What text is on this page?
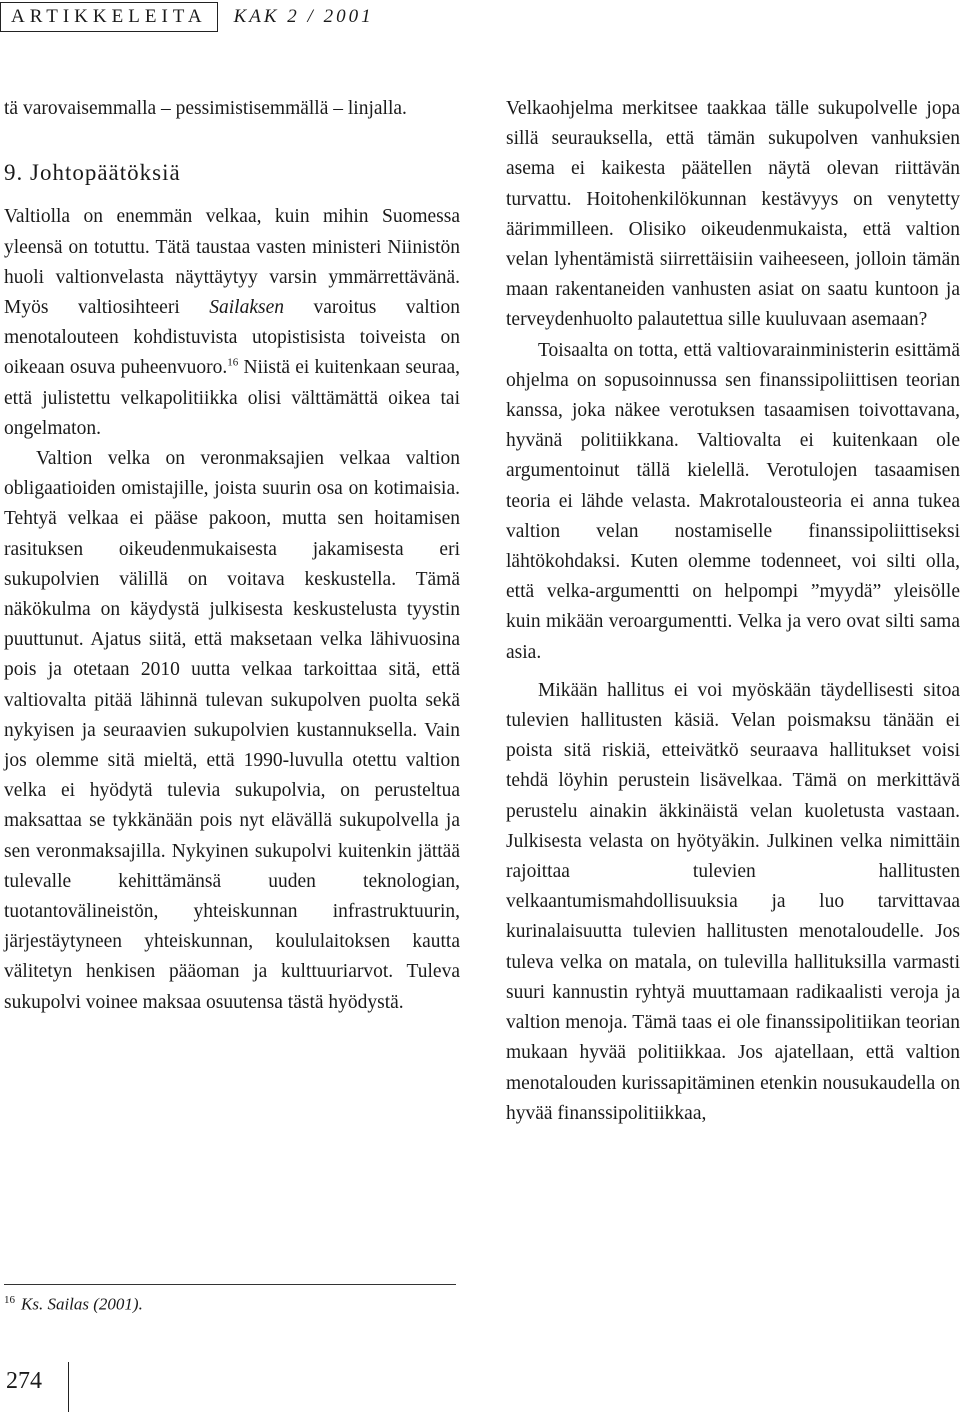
ARTIKKELEITA	KAK 2 / 2001

tä varovaisemmalla – pessimistisemmällä – linjalla.

9. Johtopäätöksiä

Valtiolla on enemmän velkaa, kuin mihin Suomessa yleensä on totuttu. Tätä taustaa vasten ministeri Niinistön huoli valtionvelasta näyttäytyy varsin ymmärrettävänä. Myös valtiosihteeri Sailaksen varoitus valtion menotalouteen kohdistuvista utopistisista toiveista on oikeaan osuva puheenvuoro.$^{16}$ Niistä ei kuitenkaan seuraa, että julistettu velkapolitiikka olisi välttämättä oikea tai ongelmaton.

Valtion velka on veronmaksajien velkaa valtion obligaatioiden omistajille, joista suurin osa on kotimaisia. Tehtyä velkaa ei pääse pakoon, mutta sen hoitamisen rasituksen oikeudenmukaisesta jakamisesta eri sukupolvien välillä on voitava keskustella. Tämä näkökulma on käydystä julkisesta keskustelusta tyystin puuttunut. Ajatus siitä, että maksetaan velka lähivuosina pois ja otetaan 2010 uutta velkaa tarkoittaa sitä, että valtiovalta pitää lähinnä tulevan sukupolven puolta sekä nykyisen ja seuraavien sukupolvien kustannuksella. Vain jos olemme sitä mieltä, että 1990-luvulla otettu valtion velka ei hyödytä tulevia sukupolvia, on perusteltua maksattaa se tykkänään pois nyt elävällä sukupolvella ja sen veronmaksajilla. Nykyinen sukupolvi kuitenkin jättää tulevalle kehittämänsä uuden teknologian, tuotantovälineistön, yhteiskunnan infrastruktuurin, järjestäytyneen yhteiskunnan, koululaitoksen kautta välitetyn henkisen pääoman ja kulttuuriarvot. Tuleva sukupolvi voinee maksaa osuutensa tästä hyödystä.

Velkaohjelma merkitsee taakkaa tälle sukupolvelle jopa sillä seurauksella, että tämän sukupolven vanhuksien asema ei kaikesta päätellen näytä olevan riittävän turvattu. Hoitohenkilökunnan kestävyys on venytetty äärimmilleen. Olisiko oikeudenmukaista, että valtion velan lyhentämistä siirrettäisiin vaiheeseen, jolloin tämän maan rakentaneiden vanhusten asiat on saatu kuntoon ja terveydenhuolto palautettua sille kuuluvaan asemaan?

Toisaalta on totta, että valtiovarainministerin esittämä ohjelma on sopusoinnussa sen finanssipoliittisen teorian kanssa, joka näkee verotuksen tasaamisen toivottavana, hyvänä politiikkana. Valtiovalta ei kuitenkaan ole argumentoinut tällä kielellä. Verotulojen tasaamisen teoria ei lähde velasta. Makrotalousteoria ei anna tukea valtion velan nostamiselle finanssipoliittiseksi lähtökohdaksi. Kuten olemme todenneet, voi silti olla, että velka-argumentti on helpompi ”myydä” yleisölle kuin mikään veroargumentti. Velka ja vero ovat silti sama asia.

Mikään hallitus ei voi myöskään täydellisesti sitoa tulevien hallitusten käsiä. Velan poismaksu tänään ei poista sitä riskiä, etteivätkö seuraava hallitukset voisi tehdä löyhin perustein lisävelkaa. Tämä on merkittävä perustelu ainakin äkkinäistä velan kuoletusta vastaan. Julkisesta velasta on hyötyäkin. Julkinen velka nimittäin rajoittaa tulevien hallitusten velkaantumismahdollisuuksia ja luo tarvittavaa kurinalaisuutta tulevien hallitusten menotaloudelle. Jos tuleva velka on matala, on tulevilla hallituksilla varmasti suuri kannustin ryhtyä muuttamaan radikaalisti veroja ja valtion menoja. Tämä taas ei ole finanssipolitiikan teorian mukaan hyvää politiikkaa. Jos ajatellaan, että valtion menotalouden kurissapitäminen etenkin nousukaudella on hyvää finanssipolitiikkaa,

$^{16}$ Ks. Sailas (2001).
274
